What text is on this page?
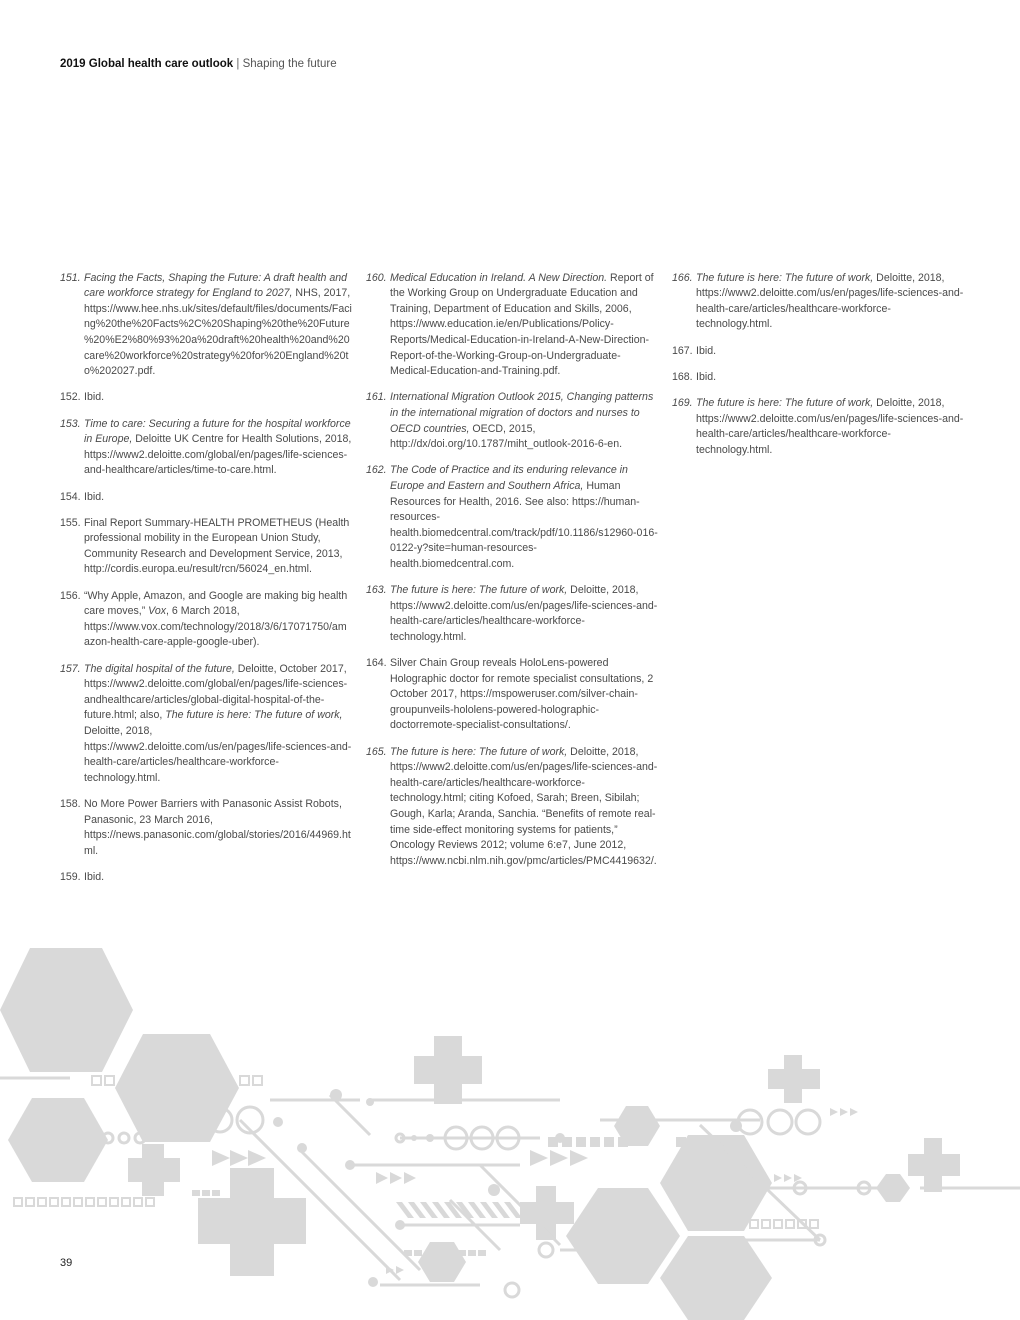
2019 Global health care outlook | Shaping the future

151. Facing the Facts, Shaping the Future: A draft health and care workforce strategy for England to 2027, NHS, 2017, https://www.hee.nhs.uk/sites/default/files/documents/Facing%20the%20Facts%2C%20Shaping%20the%20Future%20%E2%80%93%20a%20draft%20health%20and%20care%20workforce%20strategy%20for%20England%20to%202027.pdf.

152. Ibid.

153. Time to care: Securing a future for the hospital workforce in Europe, Deloitte UK Centre for Health Solutions, 2018, https://www2.deloitte.com/global/en/pages/life-sciences-and-healthcare/articles/time-to-care.html.

154. Ibid.

155. Final Report Summary-HEALTH PROMETHEUS (Health professional mobility in the European Union Study, Community Research and Development Service, 2013, http://cordis.europa.eu/result/rcn/56024_en.html.

156. “Why Apple, Amazon, and Google are making big health care moves,” Vox, 6 March 2018, https://www.vox.com/technology/2018/3/6/17071750/amazon-health-care-apple-google-uber).

157. The digital hospital of the future, Deloitte, October 2017, https://www2.deloitte.com/global/en/pages/life-sciences-andhealthcare/articles/global-digital-hospital-of-the-future.html; also, The future is here: The future of work, Deloitte, 2018, https://www2.deloitte.com/us/en/pages/life-sciences-and-health-care/articles/healthcare-workforce-technology.html.

158. No More Power Barriers with Panasonic Assist Robots, Panasonic, 23 March 2016, https://news.panasonic.com/global/stories/2016/44969.html.

159. Ibid.

160. Medical Education in Ireland. A New Direction. Report of the Working Group on Undergraduate Education and Training, Department of Education and Skills, 2006, https://www.education.ie/en/Publications/Policy-Reports/Medical-Education-in-Ireland-A-New-Direction-Report-of-the-Working-Group-on-Undergraduate-Medical-Education-and-Training.pdf.

161. International Migration Outlook 2015, Changing patterns in the international migration of doctors and nurses to OECD countries, OECD, 2015, http://dx/doi.org/10.1787/miht_outlook-2016-6-en.

162. The Code of Practice and its enduring relevance in Europe and Eastern and Southern Africa, Human Resources for Health, 2016. See also: https://human-resources-health.biomedcentral.com/track/pdf/10.1186/s12960-016-0122-y?site=human-resources-health.biomedcentral.com.

163. The future is here: The future of work, Deloitte, 2018, https://www2.deloitte.com/us/en/pages/life-sciences-and-health-care/articles/healthcare-workforce-technology.html.

164. Silver Chain Group reveals HoloLens-powered Holographic doctor for remote specialist consultations, 2 October 2017, https://mspoweruser.com/silver-chain-groupunveils-hololens-powered-holographic-doctorremote-specialist-consultations/.

165. The future is here: The future of work, Deloitte, 2018, https://www2.deloitte.com/us/en/pages/life-sciences-and-health-care/articles/healthcare-workforce-technology.html; citing Kofoed, Sarah; Breen, Sibilah; Gough, Karla; Aranda, Sanchia. “Benefits of remote real-time side-effect monitoring systems for patients,” Oncology Reviews 2012; volume 6:e7, June 2012, https://www.ncbi.nlm.nih.gov/pmc/articles/PMC4419632/.

166. The future is here: The future of work, Deloitte, 2018, https://www2.deloitte.com/us/en/pages/life-sciences-and-health-care/articles/healthcare-workforce-technology.html.

167. Ibid.

168. Ibid.

169. The future is here: The future of work, Deloitte, 2018, https://www2.deloitte.com/us/en/pages/life-sciences-and-health-care/articles/healthcare-workforce-technology.html.

39
